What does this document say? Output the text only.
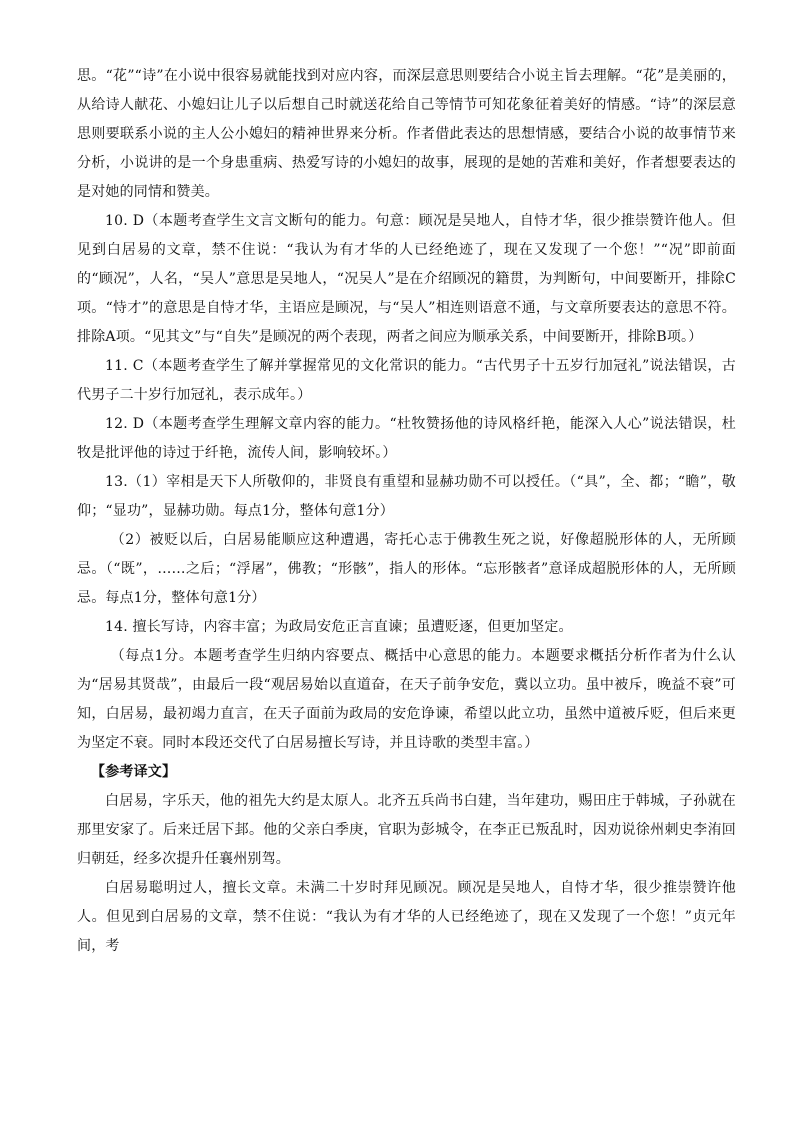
思。“花”“诗”在小说中很容易就能找到对应内容，而深层意思则要结合小说主旨去理解。“花”是美丽的，从给诗人献花、小媳妇让儿子以后想自己时就送花给自己等情节可知花象征着美好的情感。“诗”的深层意思则要联系小说的主人公小媳妇的精神世界来分析。作者借此表达的思想情感，要结合小说的故事情节来分析，小说讲的是一个身患重病、热爱写诗的小媳妇的故事，展现的是她的苦难和美好，作者想要表达的是对她的同情和赞美。

10. D（本题考查学生文言文断句的能力。句意：顾况是吴地人，自恃才华，很少推崇赞许他人。但见到白居易的文章，禁不住说：“我认为有才华的人已经绝迹了，现在又发现了一个您！”“况”即前面的“顾况”，人名，“吴人”意思是吴地人，“况吴人”是在介绍顾况的籍贯，为判断句，中间要断开，排除C项。“恃才”的意思是自恃才华，主语应是顾况，与“吴人”相连则语意不通，与文章所要表达的意思不符。排除A项。“见其文”与“自失”是顾况的两个表现，两者之间应为顺承关系，中间要断开，排除B项。）

11. C（本题考查学生了解并掌握常见的文化常识的能力。“古代男子十五岁行加冠礼”说法错误，古代男子二十岁行加冠礼，表示成年。）

12. D（本题考查学生理解文章内容的能力。“杜牧赞扬他的诗风格纤艳，能深入人心”说法错误，杜牧是批评他的诗过于纤艳，流传人间，影响较坏。）

13.（1）宰相是天下人所敬仰的，非贤良有重望和显赫功勋不可以授任。（“具”，全、都；“瞻”，敬仰；“显功”，显赫功勋。每点1分，整体句意1分）

（2）被贬以后，白居易能顺应这种遭遇，寄托心志于佛教生死之说，好像超脱形体的人，无所顾忌。（“既”，……之后；“浮屠”，佛教；“形骸”，指人的形体。“忘形骸者”意译成超脱形体的人，无所顾忌。每点1分，整体句意1分）

14. 擅长写诗，内容丰富；为政局安危正言直谏；虽遭贬逐，但更加坚定。

（每点1分。本题考查学生归纳内容要点、概括中心意思的能力。本题要求概括分析作者为什么认为“居易其贤哉”，由最后一段“观居易始以直道奋，在天子前争安危，冀以立功。虽中被斥，晚益不衰”可知，白居易，最初竭力直言，在天子面前为政局的安危诤谏，希望以此立功，虽然中道被斥贬，但后来更为坚定不衰。同时本段还交代了白居易擅长写诗，并且诗歌的类型丰富。）

【参考译文】

白居易，字乐天，他的祖先大约是太原人。北齐五兵尚书白建，当年建功，赐田庄于韩城，子孙就在那里安家了。后来迁居下邽。他的父亲白季庚，官职为彭城令，在李正已叛乱时，因劝说徐州刺史李洧回归朝廷，经多次提升任襄州别驾。

白居易聪明过人，擅长文章。未满二十岁时拜见顾况。顾况是吴地人，自恃才华，很少推崇赞许他人。但见到白居易的文章，禁不住说：“我认为有才华的人已经绝迹了，现在又发现了一个您！”贞元年间，考
